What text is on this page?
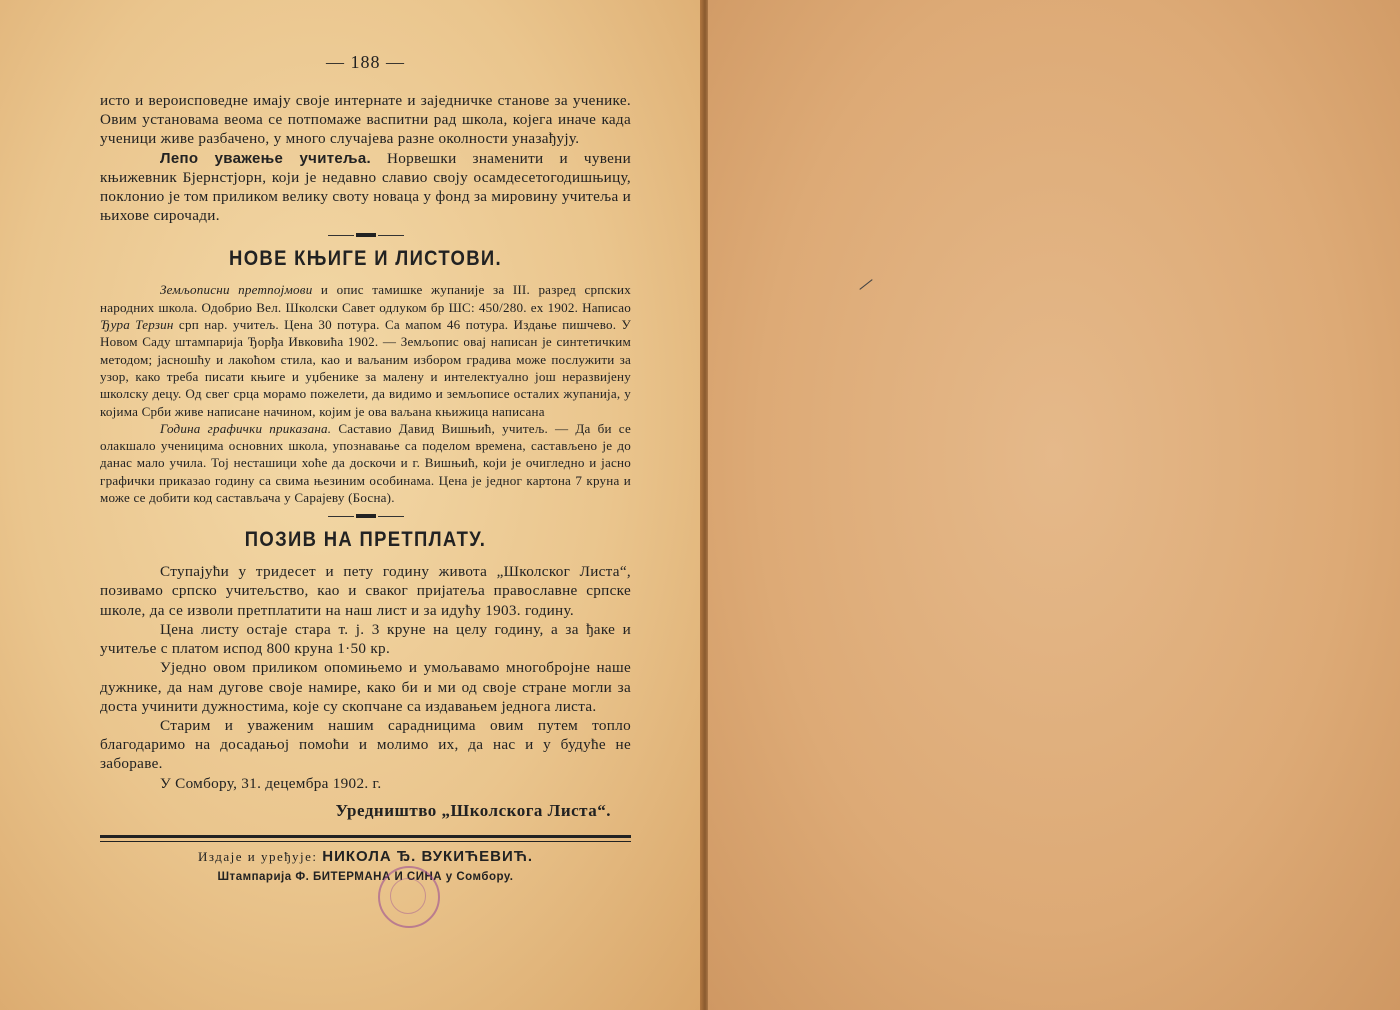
— 188 —

исто и вероисповедне имају своје интернате и заједничке станове за ученике. Овим установама веома се потпомаже васпитни рад школа, којега иначе када ученици живе разбачено, у много случајева разне околности уназађују.

Лепо уважење учитеља. Норвешки знаменити и чувени књижевник Бјернстјорн, који је недавно славио своју осамдесетогодишњицу, поклонио је том приликом велику своту новаца у фонд за мировину учитеља и њихове сирочади.

НОВЕ КЊИГЕ И ЛИСТОВИ.

Земљописни претпојмови и опис тамишке жупаније за III. разред српских народних школа. Одобрио Вел. Школски Савет одлуком бр ШС: 450/280. ex 1902. Написао Ђура Терзин срп нар. учитељ. Цена 30 потура. Са мапом 46 потура. Издање пишчево. У Новом Саду штампарија Ђорђа Ивковића 1902. — Земљопис овај написан је синтетичким методом; јасношћу и лакоћом стила, као и ваљаним избором градива може послужити за узор, како треба писати књиге и уџбенике за малену и интелектуално још неразвијену школску децу. Од свег срца морамо пожелети, да видимо и земљописе осталих жупанија, у којима Срби живе написане начином, којим је ова ваљана књижица написана

Година графички приказана. Саставио Давид Вишњић, учитељ. — Да би се олакшало ученицима основних школа, упознавање са поделом времена, састављено је до данас мало учила. Тој нестaшици хоће да доскочи и г. Вишњић, који је очигледно и јасно графички приказао годину са свима њезиним особинама. Цена је једног картона 7 круна и може се добити код састављача у Сарајеву (Босна).

ПОЗИВ НА ПРЕТПЛАТУ.

Ступајући у тридесет и пету годину живота „Школског Листа“, позивамо српско учитељство, као и сваког пријатеља православне српске школе, да се изволи претплатити на наш лист и за идућу 1903. годину.

Цена листу остаје стара т. ј. 3 круне на целу годину, а за ђаке и учитеље с платом испод 800 круна 1·50 кр.

Уједно овом приликом опомињемо и умољавамо многобројне наше дужнике, да нам дугове своје намире, како би и ми од своје стране могли за доста учинити дужностима, које су скопчане са издавањем једнога листа.

Старим и уваженим нашим сарадницима овим путем топло благодаримо на досадањој помоћи и молимо их, да нас и у будуће не забораве.

У Сомбору, 31. децембра 1902. г.

Уредништво „Школскога Листа“.
Издаје и уређује: НИКОЛА Ђ. ВУКИЋЕВИЋ.
Штампарија Ф. БИТЕРМАНА И СИНА у Сомбору.
